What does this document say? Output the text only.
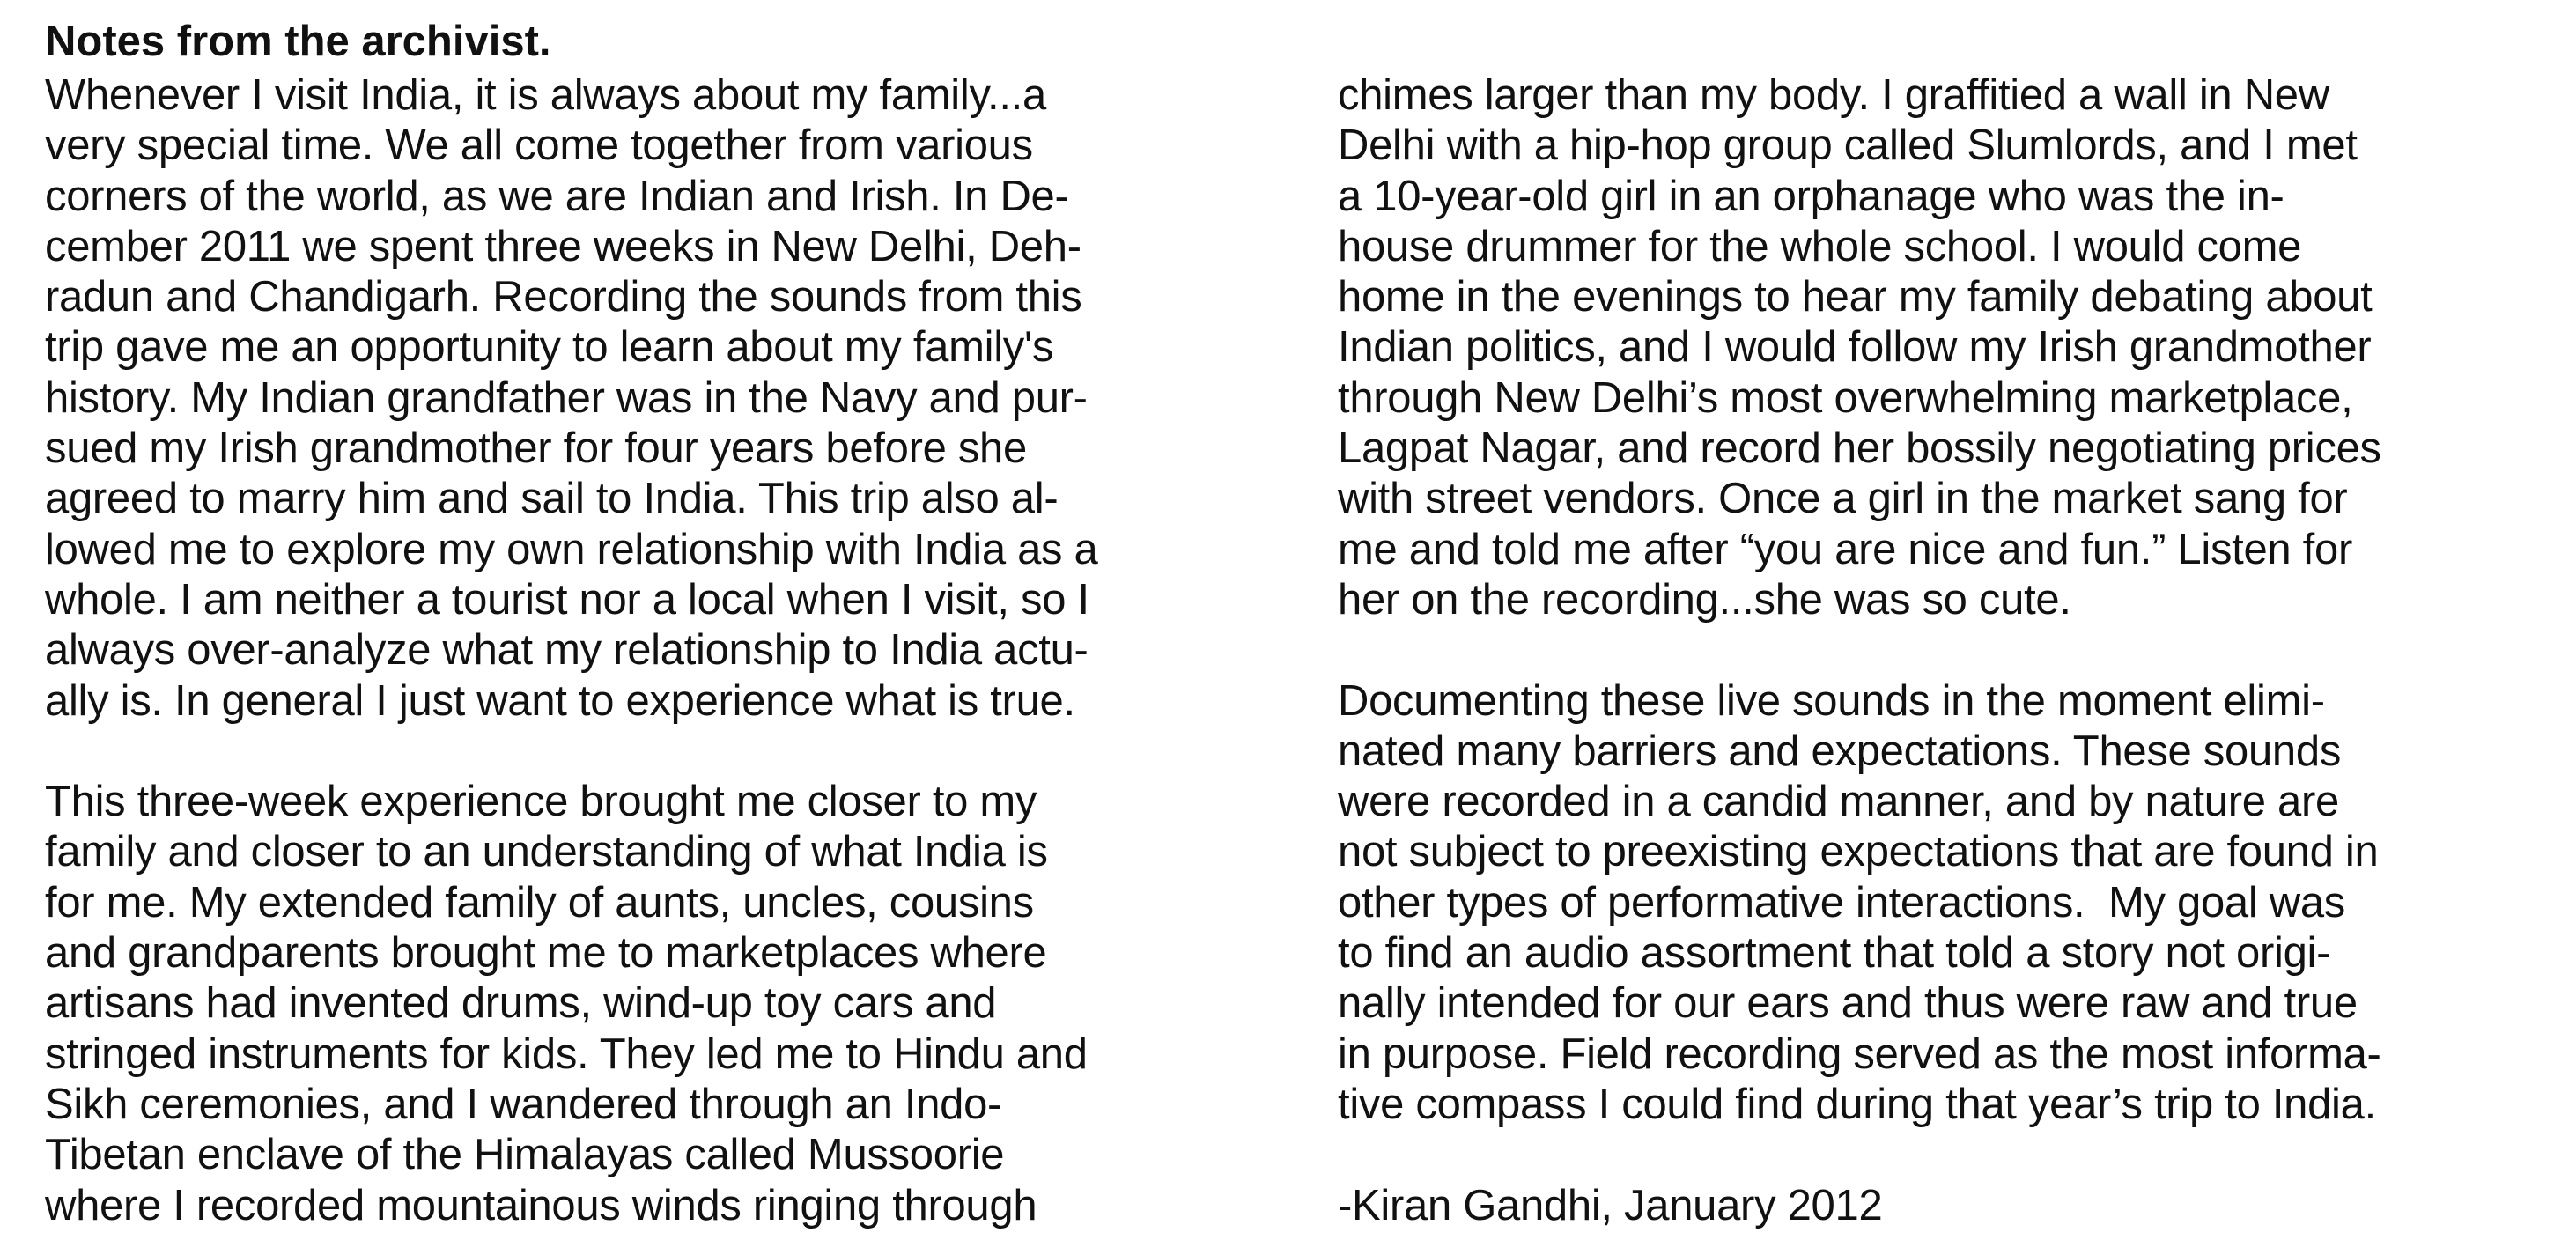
Notes from the archivist.
Whenever I visit India, it is always about my family...a
very special time. We all come together from various
corners of the world, as we are Indian and Irish. In De-
cember 2011 we spent three weeks in New Delhi, Deh-
radun and Chandigarh. Recording the sounds from this
trip gave me an opportunity to learn about my family's
history. My Indian grandfather was in the Navy and pur-
sued my Irish grandmother for four years before she
agreed to marry him and sail to India. This trip also al-
lowed me to explore my own relationship with India as a
whole. I am neither a tourist nor a local when I visit, so I
always over-analyze what my relationship to India actu-
ally is. In general I just want to experience what is true.
This three-week experience brought me closer to my
family and closer to an understanding of what India is
for me. My extended family of aunts, uncles, cousins
and grandparents brought me to marketplaces where
artisans had invented drums, wind-up toy cars and
stringed instruments for kids. They led me to Hindu and
Sikh ceremonies, and I wandered through an Indo-
Tibetan enclave of the Himalayas called Mussoorie
where I recorded mountainous winds ringing through
chimes larger than my body. I graffitied a wall in New
Delhi with a hip-hop group called Slumlords, and I met
a 10-year-old girl in an orphanage who was the in-
house drummer for the whole school. I would come
home in the evenings to hear my family debating about
Indian politics, and I would follow my Irish grandmother
through New Delhi’s most overwhelming marketplace,
Lagpat Nagar, and record her bossily negotiating prices
with street vendors. Once a girl in the market sang for
me and told me after “you are nice and fun.” Listen for
her on the recording...she was so cute.
Documenting these live sounds in the moment elimi-
nated many barriers and expectations. These sounds
were recorded in a candid manner, and by nature are
not subject to preexisting expectations that are found in
other types of performative interactions.  My goal was
to find an audio assortment that told a story not origi-
nally intended for our ears and thus were raw and true
in purpose. Field recording served as the most informa-
tive compass I could find during that year’s trip to India.
-Kiran Gandhi, January 2012
